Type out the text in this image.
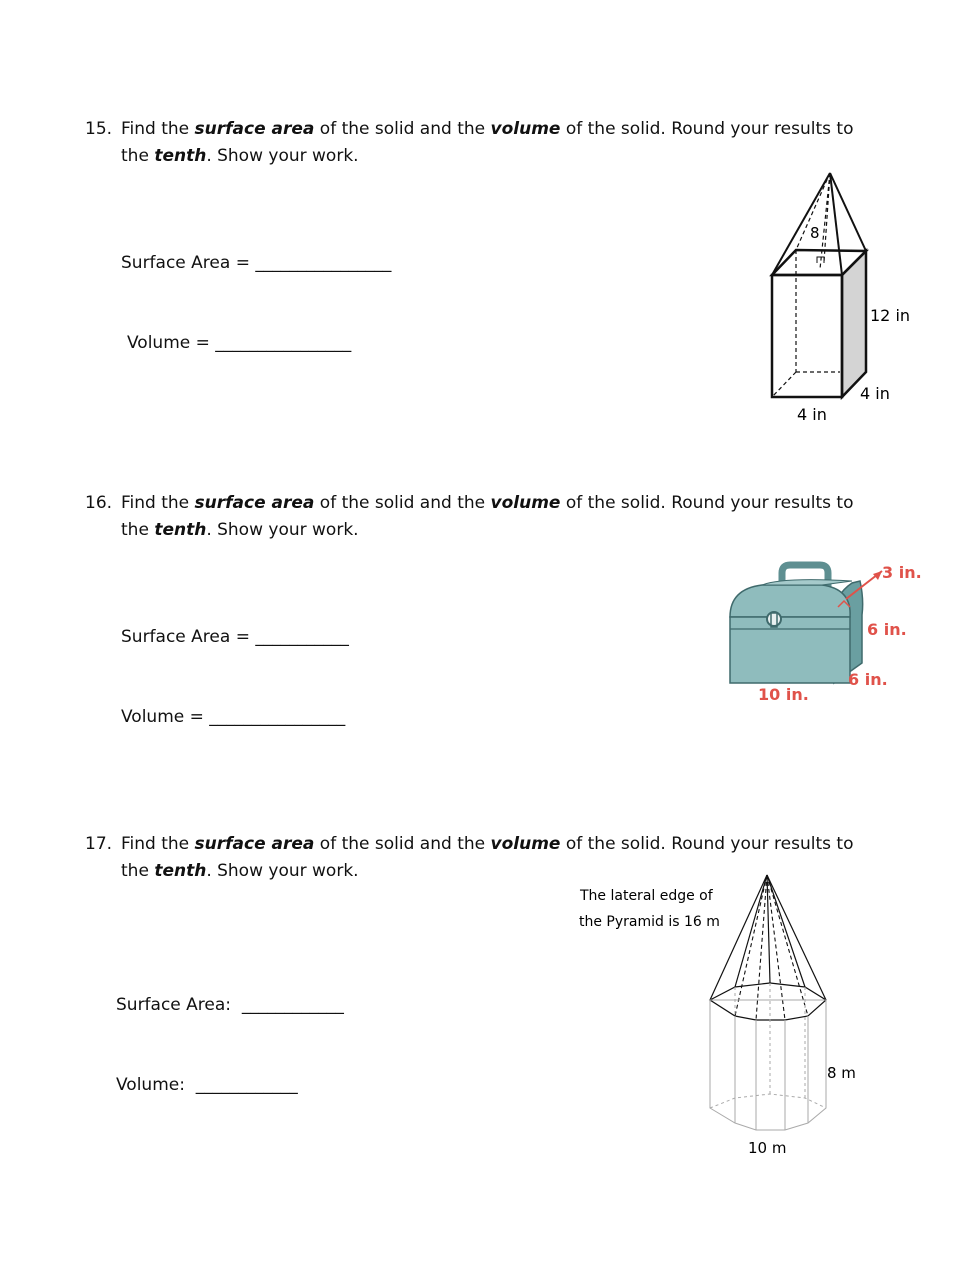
15. Find the surface area of the solid and the volume of the solid. Round your results to
the tenth. Show your work.
Surface Area = ________________
Volume = ________________
8
12 in
4 in
4 in
16. Find the surface area of the solid and the volume of the solid. Round your results to
the tenth. Show your work.
Surface Area = ___________
Volume = ________________
3 in.
6 in.
6 in.
10 in.
17. Find the surface area of the solid and the volume of the solid. Round your results to
the tenth. Show your work.
Surface Area:  ____________
Volume:  ____________
The lateral edge of
the Pyramid is 16 m
8 m
10 m
